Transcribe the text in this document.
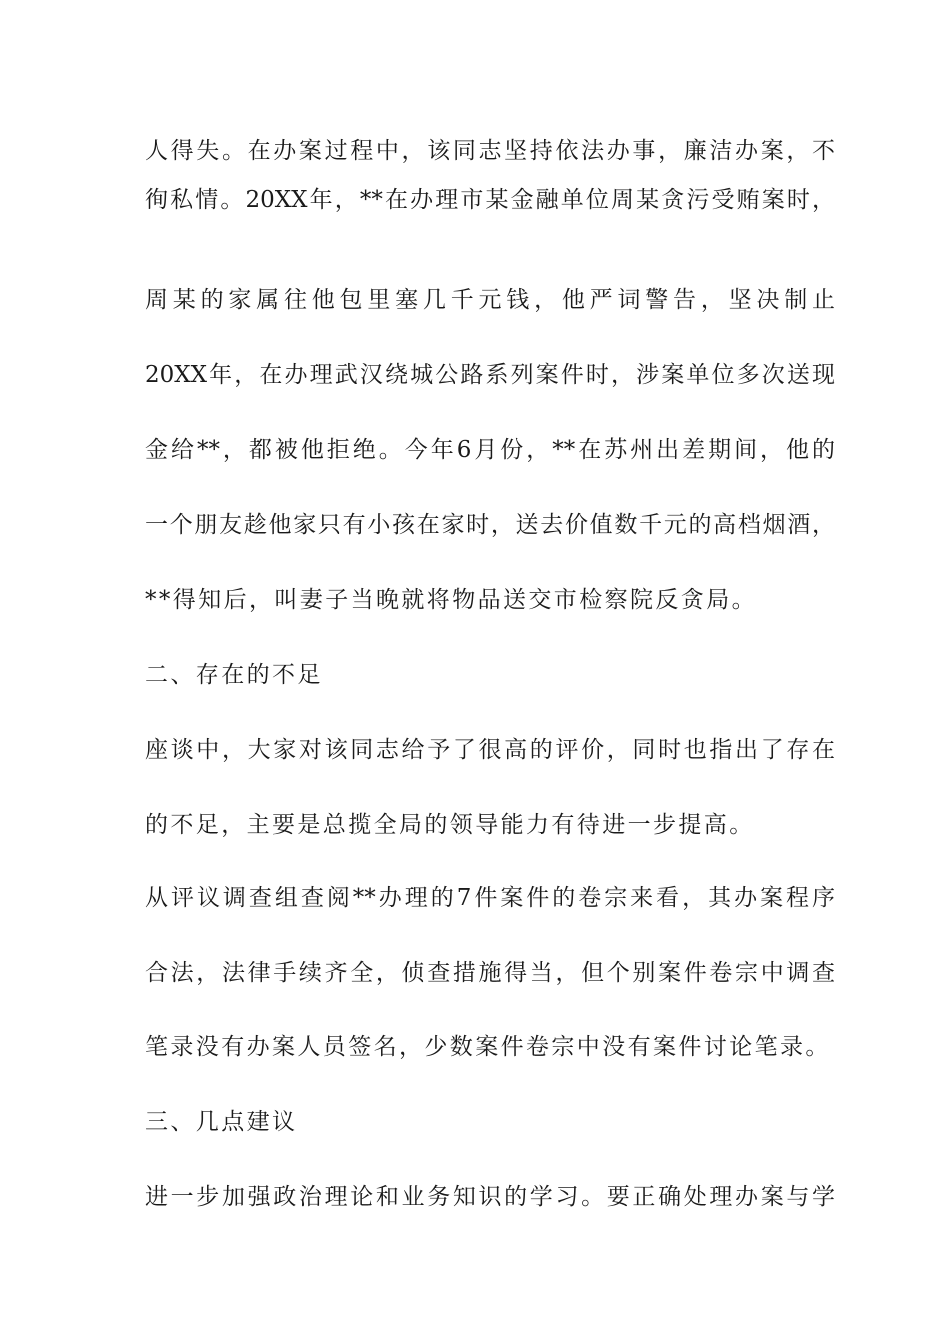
人得失。在办案过程中，该同志坚持依法办事，廉洁办案，不
徇私情。20XX年，**在办理市某金融单位周某贪污受贿案时，
周某的家属往他包里塞几千元钱，他严词警告，坚决制止
20XX年，在办理武汉绕城公路系列案件时，涉案单位多次送现
金给**，都被他拒绝。今年6月份，**在苏州出差期间，他的
一个朋友趁他家只有小孩在家时，送去价值数千元的高档烟酒，
**得知后，叫妻子当晚就将物品送交市检察院反贪局。
二、存在的不足
座谈中，大家对该同志给予了很高的评价，同时也指出了存在
的不足，主要是总揽全局的领导能力有待进一步提高。
从评议调查组查阅**办理的7件案件的卷宗来看，其办案程序
合法，法律手续齐全，侦查措施得当，但个别案件卷宗中调查
笔录没有办案人员签名，少数案件卷宗中没有案件讨论笔录。
三、几点建议
进一步加强政治理论和业务知识的学习。要正确处理办案与学
